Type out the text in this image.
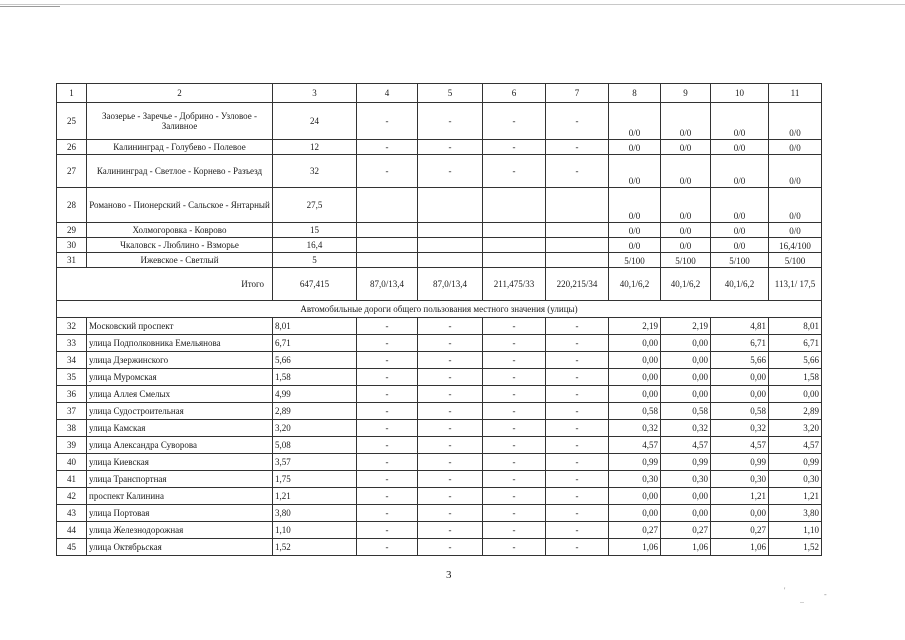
1	2	3	4	5	6	7	8	9	10	11
25	Заозерье - Заречье - Добрино - Узловое - Заливное	24	-	-	-	-	0/0	0/0	0/0	0/0
26	Калининград - Голубево - Полевое	12	-	-	-	-	0/0	0/0	0/0	0/0
27	Калининград - Светлое - Корнево - Разъезд	32	-	-	-	-	0/0	0/0	0/0	0/0
28	Романово - Пионерский - Сальское - Янтарный	27,5					0/0	0/0	0/0	0/0
29	Холмогоровка - Коврово	15					0/0	0/0	0/0	0/0
30	Чкаловск - Люблино - Взморье	16,4					0/0	0/0	0/0	16,4/100
31	Ижевское - Светлый	5					5/100	5/100	5/100	5/100
Итого		647,415	87,0/13,4	87,0/13,4	211,475/33	220,215/34	40,1/6,2	40,1/6,2	40,1/6,2	113,1/ 17,5
Автомобильные дороги общего пользования местного значения (улицы)										
32	Московский проспект	8,01	-	-	-	-	2,19	2,19	4,81	8,01
33	улица Подполковника Емельянова	6,71	-	-	-	-	0,00	0,00	6,71	6,71
34	улица Дзержинского	5,66	-	-	-	-	0,00	0,00	5,66	5,66
35	улица Муромская	1,58	-	-	-	-	0,00	0,00	0,00	1,58
36	улица Аллея Смелых	4,99	-	-	-	-	0,00	0,00	0,00	0,00
37	улица Судостроительная	2,89	-	-	-	-	0,58	0,58	0,58	2,89
38	улица Камская	3,20	-	-	-	-	0,32	0,32	0,32	3,20
39	улица Александра Суворова	5,08	-	-	-	-	4,57	4,57	4,57	4,57
40	улица Киевская	3,57	-	-	-	-	0,99	0,99	0,99	0,99
41	улица Транспортная	1,75	-	-	-	-	0,30	0,30	0,30	0,30
42	проспект Калинина	1,21	-	-	-	-	0,00	0,00	1,21	1,21
43	улица Портовая	3,80	-	-	-	-	0,00	0,00	0,00	3,80
44	улица Железнодорожная	1,10	-	-	-	-	0,27	0,27	0,27	1,10
45	улица Октябрьская	1,52	-	-	-	-	1,06	1,06	1,06	1,52
3
'	-
..
